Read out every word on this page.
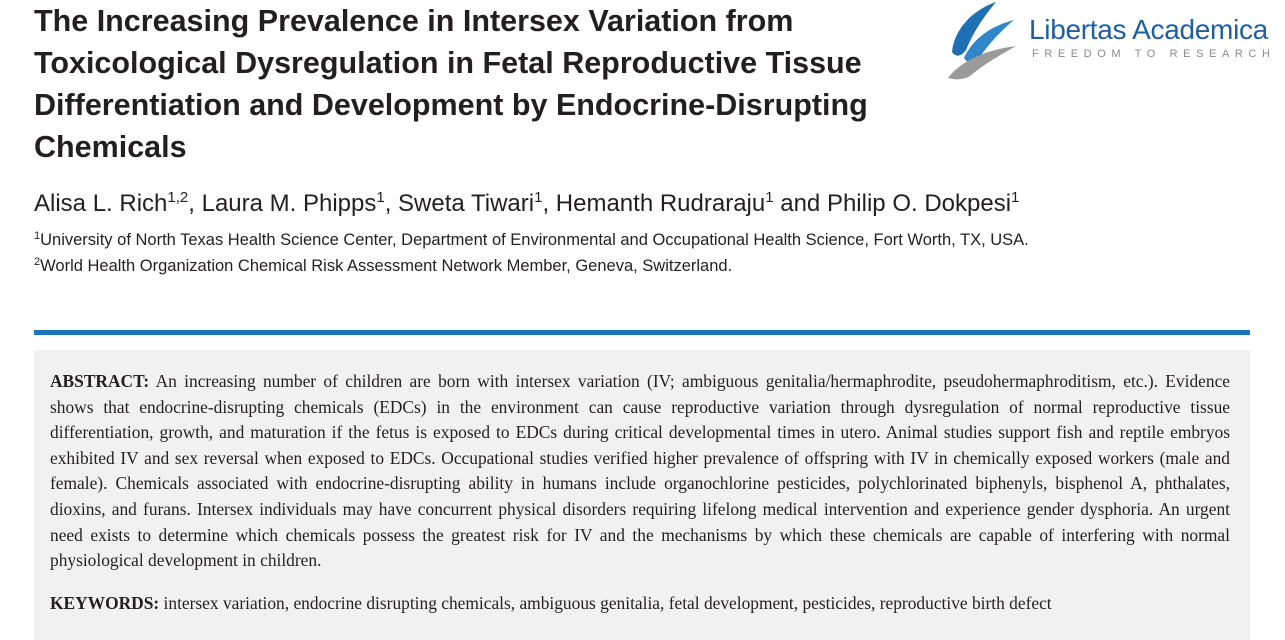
The Increasing Prevalence in Intersex Variation from
Toxicological Dysregulation in Fetal Reproductive Tissue
Differentiation and Development by Endocrine-Disrupting
Chemicals
Libertas Academica
FREEDOM TO RESEARCH
Alisa L. Rich$^{1,2}$, Laura M. Phipps$^1$, Sweta Tiwari$^1$, Hemanth Rudraraju$^1$ and Philip O. Dokpesi$^1$
$^1$University of North Texas Health Science Center, Department of Environmental and Occupational Health Science, Fort Worth, TX, USA.
$^2$World Health Organization Chemical Risk Assessment Network Member, Geneva, Switzerland.

ABSTRACT: An increasing number of children are born with intersex variation (IV; ambiguous genitalia/hermaphrodite, pseudohermaphroditism, etc.). Evidence shows that endocrine-disrupting chemicals (EDCs) in the environment can cause reproductive variation through dysregulation of normal reproductive tissue differentiation, growth, and maturation if the fetus is exposed to EDCs during critical developmental times in utero. Animal studies support fish and reptile embryos exhibited IV and sex reversal when exposed to EDCs. Occupational studies verified higher prevalence of offspring with IV in chemically exposed workers (male and female). Chemicals associated with endocrine-disrupting ability in humans include organochlorine pesticides, polychlorinated biphenyls, bisphenol A, phthalates, dioxins, and furans. Intersex individuals may have concurrent physical disorders requiring lifelong medical intervention and experience gender dysphoria. An urgent need exists to determine which chemicals possess the greatest risk for IV and the mechanisms by which these chemicals are capable of interfering with normal physiological development in children.

KEYWORDS: intersex variation, endocrine disrupting chemicals, ambiguous genitalia, fetal development, pesticides, reproductive birth defect
